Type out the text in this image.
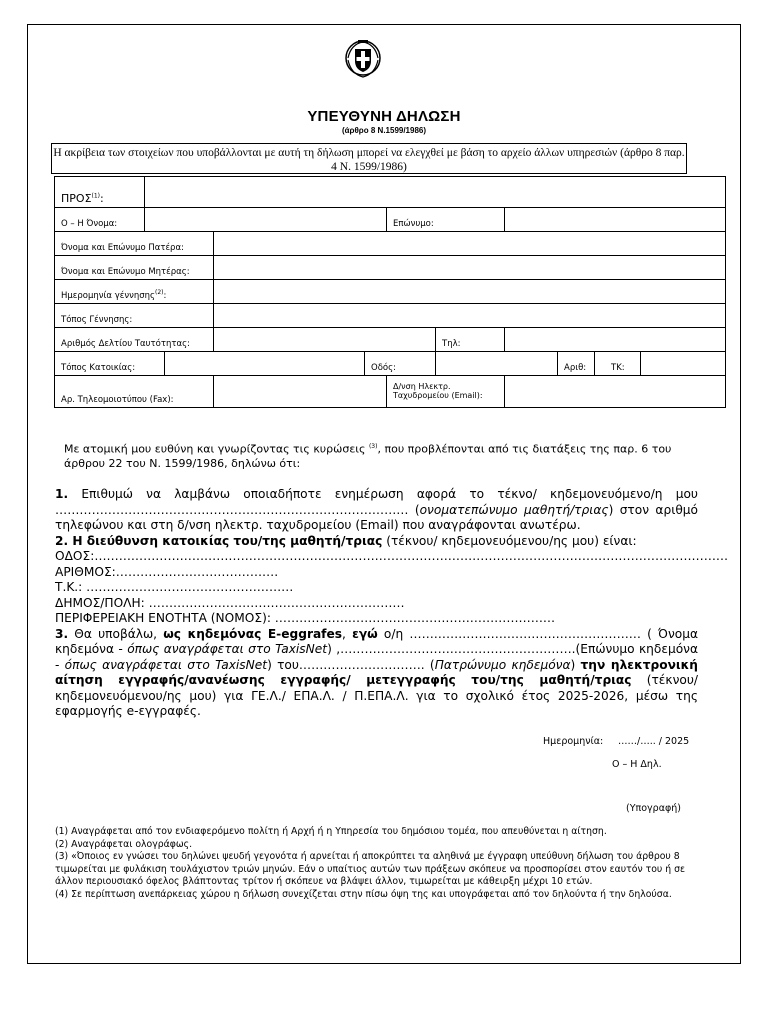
ΥΠΕΥΘΥΝΗ ΔΗΛΩΣΗ
(άρθρο 8 Ν.1599/1986)
Η ακρίβεια των στοιχείων που υποβάλλονται με αυτή τη δήλωση μπορεί να ελεγχθεί με βάση το αρχείο άλλων υπηρεσιών (άρθρο 8 παρ. 4 Ν. 1599/1986)
ΠΡΟΣ$^{(1)}$:										
Ο – Η Όνομα:					Επώνυμο:					
Όνομα και Επώνυμο Πατέρα:										
Όνομα και Επώνυμο Μητέρας:										
Ημερομηνία γέννησης$^{(2)}$:										
Τόπος Γέννησης:										
Αριθμός Δελτίου Ταυτότητας:						Τηλ:				
Τόπος Κατοικίας:				Οδός:				Αριθ:		ΤΚ:
Αρ. Τηλεομοιοτύπου (Fax):					Δ/νση Ηλεκτρ. Ταχυδρομείου (Email):					
Με ατομική μου ευθύνη και γνωρίζοντας τις κυρώσεις $^{(3)}$, που προβλέπονται από τις διατάξεις της παρ. 6 του άρθρου 22 του Ν. 1599/1986, δηλώνω ότι:

1. Επιθυμώ να λαμβάνω οποιαδήποτε ενημέρωση αφορά το τέκνο/ κηδεμονευόμενο/η μου …………………………………………………………………………… (ονοματεπώνυμο μαθητή/τριας) στον αριθμό τηλεφώνου και στη δ/νση ηλεκτρ. ταχυδρομείου (Email) που αναγράφονται ανωτέρω.

2. Η διεύθυνση κατοικίας του/της μαθητή/τριας (τέκνου/ κηδεμονευόμενου/ης μου) είναι:

ΟΔΟΣ:…………………………………………………………………………………………………………………………………………

ΑΡΙΘΜΟΣ:………………………………….

Τ.Κ.: ……………………………………………

ΔΗΜΟΣ/ΠΟΛΗ: ………………………………………………………

ΠΕΡΙΦΕΡΕΙΑΚΗ ΕΝΟΤΗΤΑ (ΝΟΜΟΣ): ……………………………………………………………

3. Θα υποβάλω, ως κηδεμόνας E-eggrafes, εγώ ο/η ………………………………………………… ( Όνομα κηδεμόνα - όπως αναγράφεται στο TaxisNet) ,………………………………………………….(Επώνυμο κηδεμόνα - όπως αναγράφεται στο TaxisNet) του…………………………. (Πατρώνυμο κηδεμόνα) την ηλεκτρονική αίτηση εγγραφής/ανανέωσης εγγραφής/ μετεγγραφής του/της μαθητή/τριας (τέκνου/ κηδεμονευόμενου/ης μου) για ΓΕ.Λ./ ΕΠΑ.Λ. / Π.ΕΠΑ.Λ. για το σχολικό έτος 2025-2026, μέσω της εφαρμογής e-εγγραφές.

Ημερομηνία: ……/….. / 2025
Ο – Η Δηλ.
(Υπογραφή)

(1) Αναγράφεται από τον ενδιαφερόμενο πολίτη ή Αρχή ή η Υπηρεσία του δημόσιου τομέα, που απευθύνεται η αίτηση.

(2) Αναγράφεται ολογράφως.

(3) «Όποιος εν γνώσει του δηλώνει ψευδή γεγονότα ή αρνείται ή αποκρύπτει τα αληθινά με έγγραφη υπεύθυνη δήλωση του άρθρου 8 τιμωρείται με φυλάκιση τουλάχιστον τριών μηνών. Εάν ο υπαίτιος αυτών των πράξεων σκόπευε να προσπορίσει στον εαυτόν του ή σε άλλον περιουσιακό όφελος βλάπτοντας τρίτον ή σκόπευε να βλάψει άλλον, τιμωρείται με κάθειρξη μέχρι 10 ετών.

(4) Σε περίπτωση ανεπάρκειας χώρου η δήλωση συνεχίζεται στην πίσω όψη της και υπογράφεται από τον δηλούντα ή την δηλούσα.
